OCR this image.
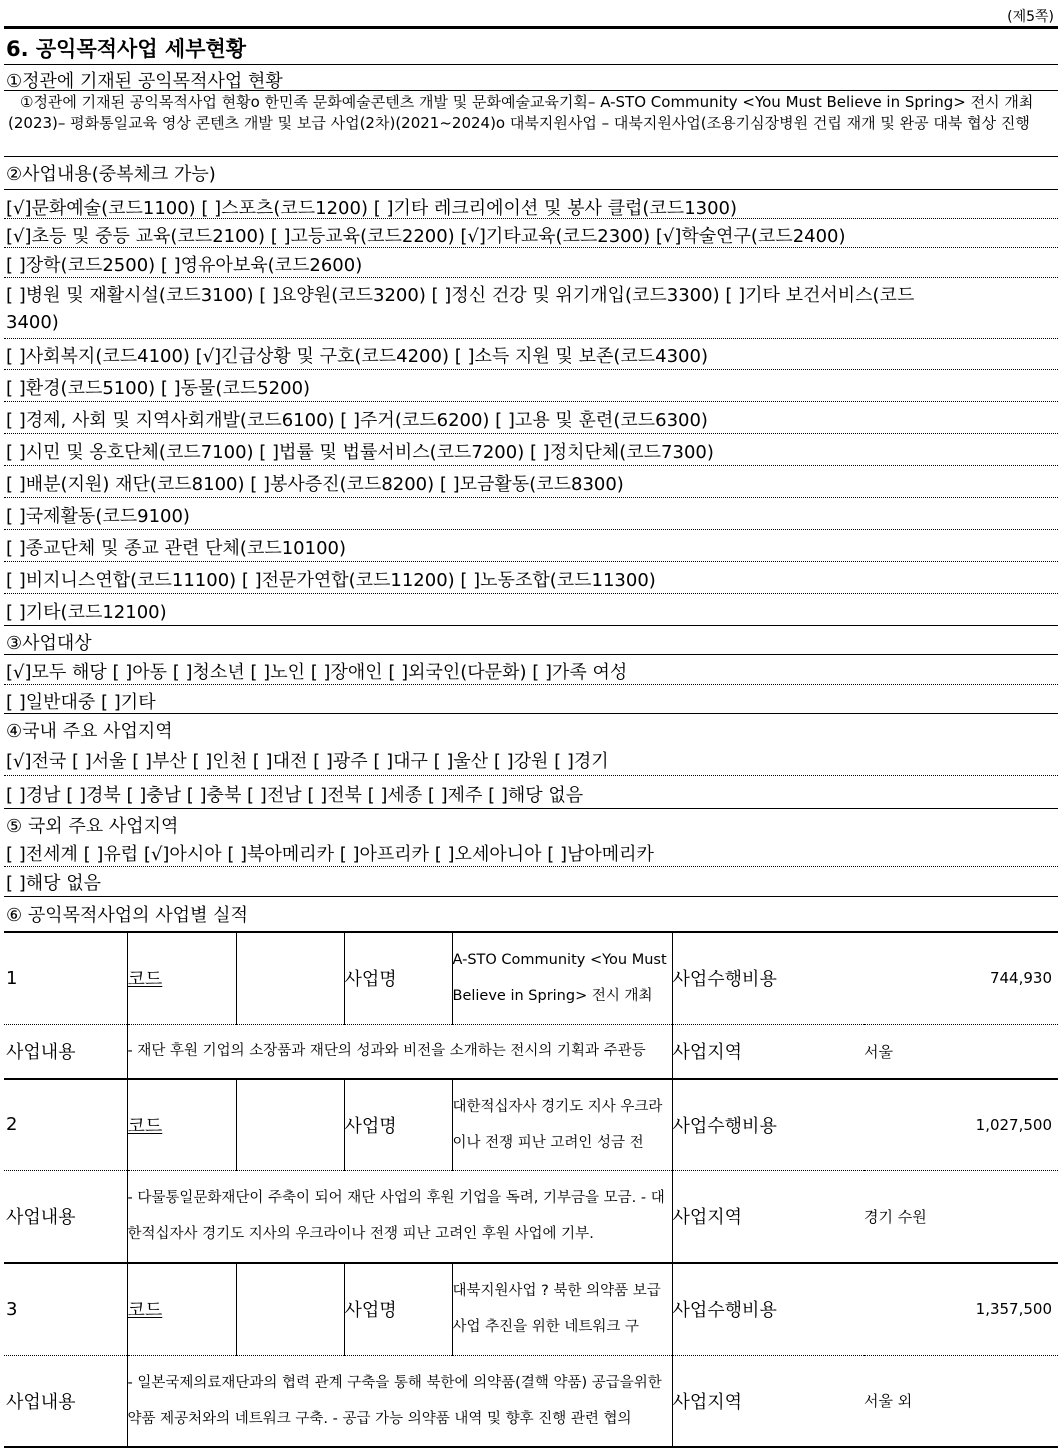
(제5쪽)
6. 공익목적사업 세부현황
①정관에 기재된 공익목적사업 현황
①정관에 기재된 공익목적사업 현황o 한민족 문화예술콘텐츠 개발 및 문화예술교육기획– A-STO Community <You Must Believe in Spring> 전시 개최(2023)– 평화통일교육 영상 콘텐츠 개발 및 보급 사업(2차)(2021~2024)o 대북지원사업 – 대북지원사업(조용기심장병원 건립 재개 및 완공 대북 협상 진행
②사업내용(중복체크 가능)
[√]문화예술(코드1100) [ ]스포츠(코드1200) [ ]기타 레크리에이션 및 봉사 클럽(코드1300)
[√]초등 및 중등 교육(코드2100) [ ]고등교육(코드2200) [√]기타교육(코드2300) [√]학술연구(코드2400)
[ ]장학(코드2500) [ ]영유아보육(코드2600)
[ ]병원 및 재활시설(코드3100) [ ]요양원(코드3200) [ ]정신 건강 및 위기개입(코드3300) [ ]기타 보건서비스(코드
3400)
[ ]사회복지(코드4100) [√]긴급상황 및 구호(코드4200) [ ]소득 지원 및 보존(코드4300)
[ ]환경(코드5100) [ ]동물(코드5200)
[ ]경제, 사회 및 지역사회개발(코드6100) [ ]주거(코드6200) [ ]고용 및 훈련(코드6300)
[ ]시민 및 옹호단체(코드7100) [ ]법률 및 법률서비스(코드7200) [ ]정치단체(코드7300)
[ ]배분(지원) 재단(코드8100) [ ]봉사증진(코드8200) [ ]모금활동(코드8300)
[ ]국제활동(코드9100)
[ ]종교단체 및 종교 관련 단체(코드10100)
[ ]비지니스연합(코드11100) [ ]전문가연합(코드11200) [ ]노동조합(코드11300)
[ ]기타(코드12100)
③사업대상
[√]모두 해당 [ ]아동 [ ]청소년 [ ]노인 [ ]장애인 [ ]외국인(다문화) [ ]가족 여성
[ ]일반대중 [ ]기타
④국내 주요 사업지역
[√]전국 [ ]서울 [ ]부산 [ ]인천 [ ]대전 [ ]광주 [ ]대구 [ ]울산 [ ]강원 [ ]경기
[ ]경남 [ ]경북 [ ]충남 [ ]충북 [ ]전남 [ ]전북 [ ]세종 [ ]제주 [ ]해당 없음
⑤ 국외 주요 사업지역
[ ]전세계 [ ]유럽 [√]아시아 [ ]북아메리카 [ ]아프리카 [ ]오세아니아 [ ]남아메리카
[ ]해당 없음
⑥ 공익목적사업의 사업별 실적
1	코드		사업명	A-STO Community <You Must Believe in Spring> 전시 개최	사업수행비용	744,930
사업내용	- 재단 후원 기업의 소장품과 재단의 성과와 비전을 소개하는 전시의 기획과 주관등				사업지역	서울
2	코드		사업명	대한적십자사 경기도 지사 우크라이나 전쟁 피난 고려인 성금 전	사업수행비용	1,027,500
사업내용	- 다물통일문화재단이 주축이 되어 재단 사업의 후원 기업을 독려, 기부금을 모금. - 대한적십자사 경기도 지사의 우크라이나 전쟁 피난 고려인 후원 사업에 기부.				사업지역	경기 수원
3	코드		사업명	대북지원사업 ? 북한 의약품 보급 사업 추진을 위한 네트워크 구	사업수행비용	1,357,500
사업내용	- 일본국제의료재단과의 협력 관계 구축을 통해 북한에 의약품(결핵 약품) 공급을위한 약품 제공처와의 네트워크 구축. - 공급 가능 의약품 내역 및 향후 진행 관련 협의				사업지역	서울 외
